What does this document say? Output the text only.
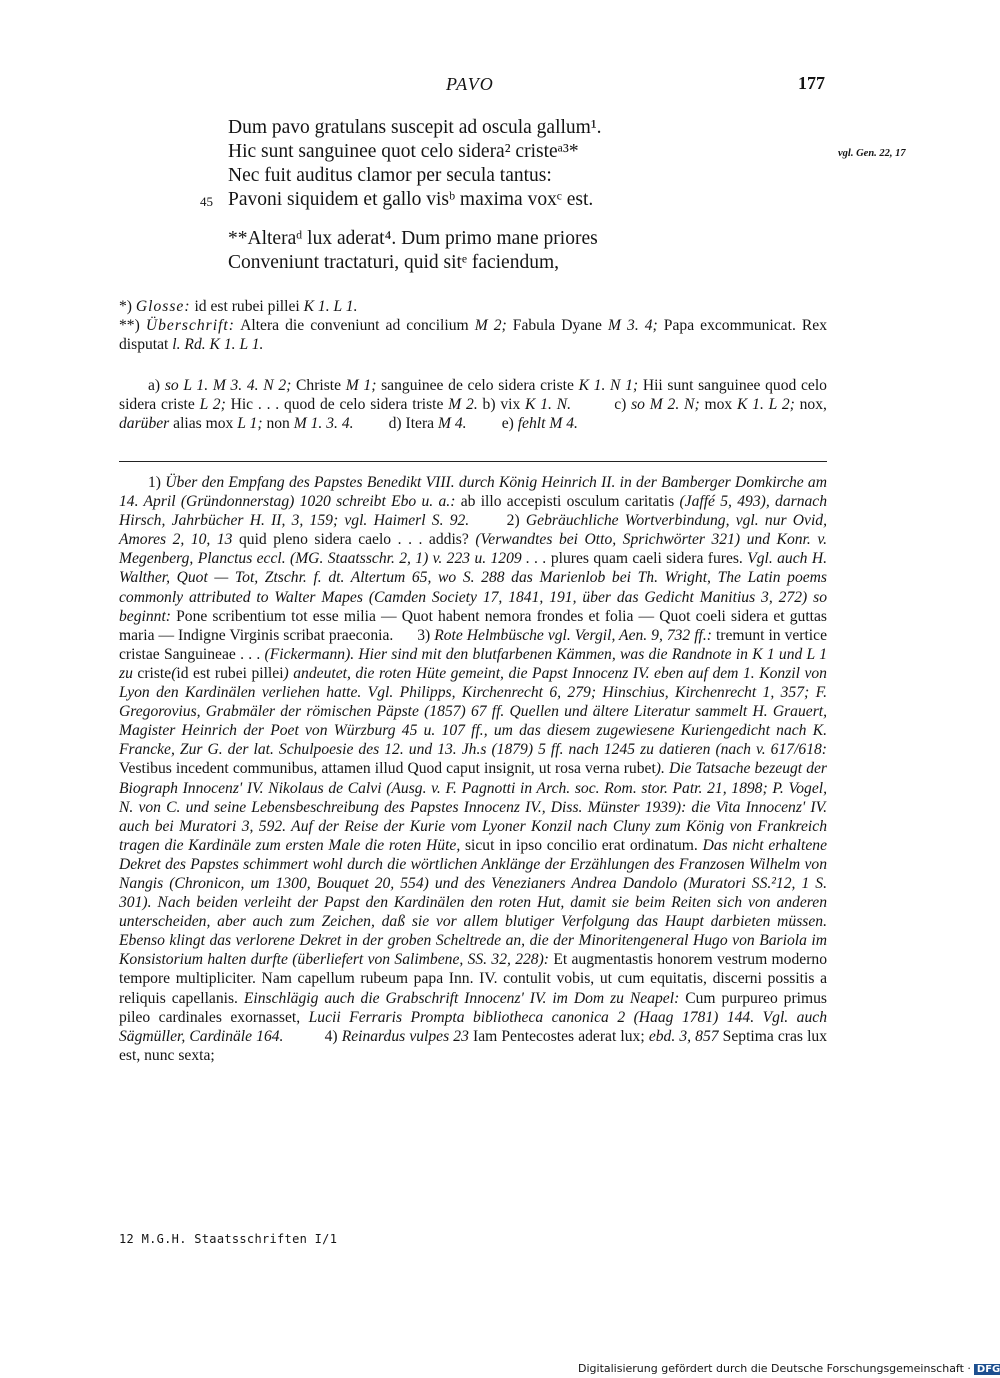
PAVO	177
Dum pavo gratulans suscepit ad oscula gallum¹.
Hic sunt sanguinee quot celo sidera² cristeᵃ³*	vgl. Gen. 22, 17
Nec fuit auditus clamor per secula tantus:
45 Pavoni siquidem et gallo visᵇ maxima voxᶜ est.
**Alteraᵈ lux aderat⁴. Dum primo mane priores
Conveniunt tractaturi, quid sitᵉ faciendum,

*) Glosse: id est rubei pillei K 1. L 1.

**) Überschrift: Altera die conveniunt ad concilium M 2; Fabula Dyane M 3. 4; Papa excommunicat. Rex disputat l. Rd. K 1. L 1.

a) so L 1. M 3. 4. N 2; Christe M 1; sanguinee de celo sidera criste K 1. N 1; Hii sunt sanguinee quod celo sidera criste L 2; Hic . . . quod de celo sidera triste M 2. b) vix K 1. N.	c) so M 2. N; mox K 1. L 2; nox, darüber alias mox L 1; non M 1. 3. 4. d) Itera M 4. e) fehlt M 4.

1) Über den Empfang des Papstes Benedikt VIII. durch König Heinrich II. in der Bamberger Domkirche am 14. April (Gründonnerstag) 1020 schreibt Ebo u. a.: ab illo accepisti osculum caritatis (Jaffé 5, 493), darnach Hirsch, Jahrbücher H. II, 3, 159; vgl. Haimerl S. 92. 2) Gebräuchliche Wortverbindung, vgl. nur Ovid, Amores 2, 10, 13 quid pleno sidera caelo . . . addis? (Verwandtes bei Otto, Sprichwörter 321) und Konr. v. Megenberg, Planctus eccl. (MG. Staatsschr. 2, 1) v. 223 u. 1209 . . . plures quam caeli sidera fures. Vgl. auch H. Walther, Quot — Tot, Ztschr. f. dt. Altertum 65, wo S. 288 das Marienlob bei Th. Wright, The Latin poems commonly attributed to Walter Mapes (Camden Society 17, 1841, 191, über das Gedicht Manitius 3, 272) so beginnt: Pone scribentium tot esse milia — Quot habent nemora frondes et folia — Quot coeli sidera et guttas maria — Indigne Virginis scribat praeconia. 3) Rote Helmbüsche vgl. Vergil, Aen. 9, 732 ff.: tremunt in vertice cristae Sanguineae . . . (Fickermann). Hier sind mit den blutfarbenen Kämmen, was die Randnote in K 1 und L 1 zu criste(id est rubei pillei) andeutet, die roten Hüte gemeint, die Papst Innocenz IV. eben auf dem 1. Konzil von Lyon den Kardinälen verliehen hatte. Vgl. Philipps, Kirchenrecht 6, 279; Hinschius, Kirchenrecht 1, 357; F. Gregorovius, Grabmäler der römischen Päpste (1857) 67 ff. Quellen und ältere Literatur sammelt H. Grauert, Magister Heinrich der Poet von Würzburg 45 u. 107 ff., um das diesem zugewiesene Kuriengedicht nach K. Francke, Zur G. der lat. Schulpoesie des 12. und 13. Jh.s (1879) 5 ff. nach 1245 zu datieren (nach v. 617/618: Vestibus incedent communibus, attamen illud Quod caput insignit, ut rosa verna rubet). Die Tatsache bezeugt der Biograph Innocenz' IV. Nikolaus de Calvi (Ausg. v. F. Pagnotti in Arch. soc. Rom. stor. Patr. 21, 1898; P. Vogel, N. von C. und seine Lebensbeschreibung des Papstes Innocenz IV., Diss. Münster 1939): die Vita Innocenz' IV. auch bei Muratori 3, 592. Auf der Reise der Kurie vom Lyoner Konzil nach Cluny zum König von Frankreich tragen die Kardinäle zum ersten Male die roten Hüte, sicut in ipso concilio erat ordinatum. Das nicht erhaltene Dekret des Papstes schimmert wohl durch die wörtlichen Anklänge der Erzählungen des Franzosen Wilhelm von Nangis (Chronicon, um 1300, Bouquet 20, 554) und des Venezianers Andrea Dandolo (Muratori SS.²12, 1 S. 301). Nach beiden verleiht der Papst den Kardinälen den roten Hut, damit sie beim Reiten sich von anderen unterscheiden, aber auch zum Zeichen, daß sie vor allem blutiger Verfolgung das Haupt darbieten müssen. Ebenso klingt das verlorene Dekret in der groben Scheltrede an, die der Minoritengeneral Hugo von Bariola im Konsistorium halten durfte (überliefert von Salimbene, SS. 32, 228): Et augmentastis honorem vestrum moderno tempore multipliciter. Nam capellum rubeum papa Inn. IV. contulit vobis, ut cum equitatis, discerni possitis a reliquis capellanis. Einschlägig auch die Grabschrift Innocenz' IV. im Dom zu Neapel: Cum purpureo primus pileo cardinales exornasset, Lucii Ferraris Prompta bibliotheca canonica 2 (Haag 1781) 144. Vgl. auch Sägmüller, Cardinäle 164.	4) Reinardus vulpes 23 Iam Pentecostes aderat lux; ebd. 3, 857 Septima cras lux est, nunc sexta;

12 M.G.H. Staatsschriften I/1
Digitalisierung gefördert durch die Deutsche Forschungsgemeinschaft · DFG
